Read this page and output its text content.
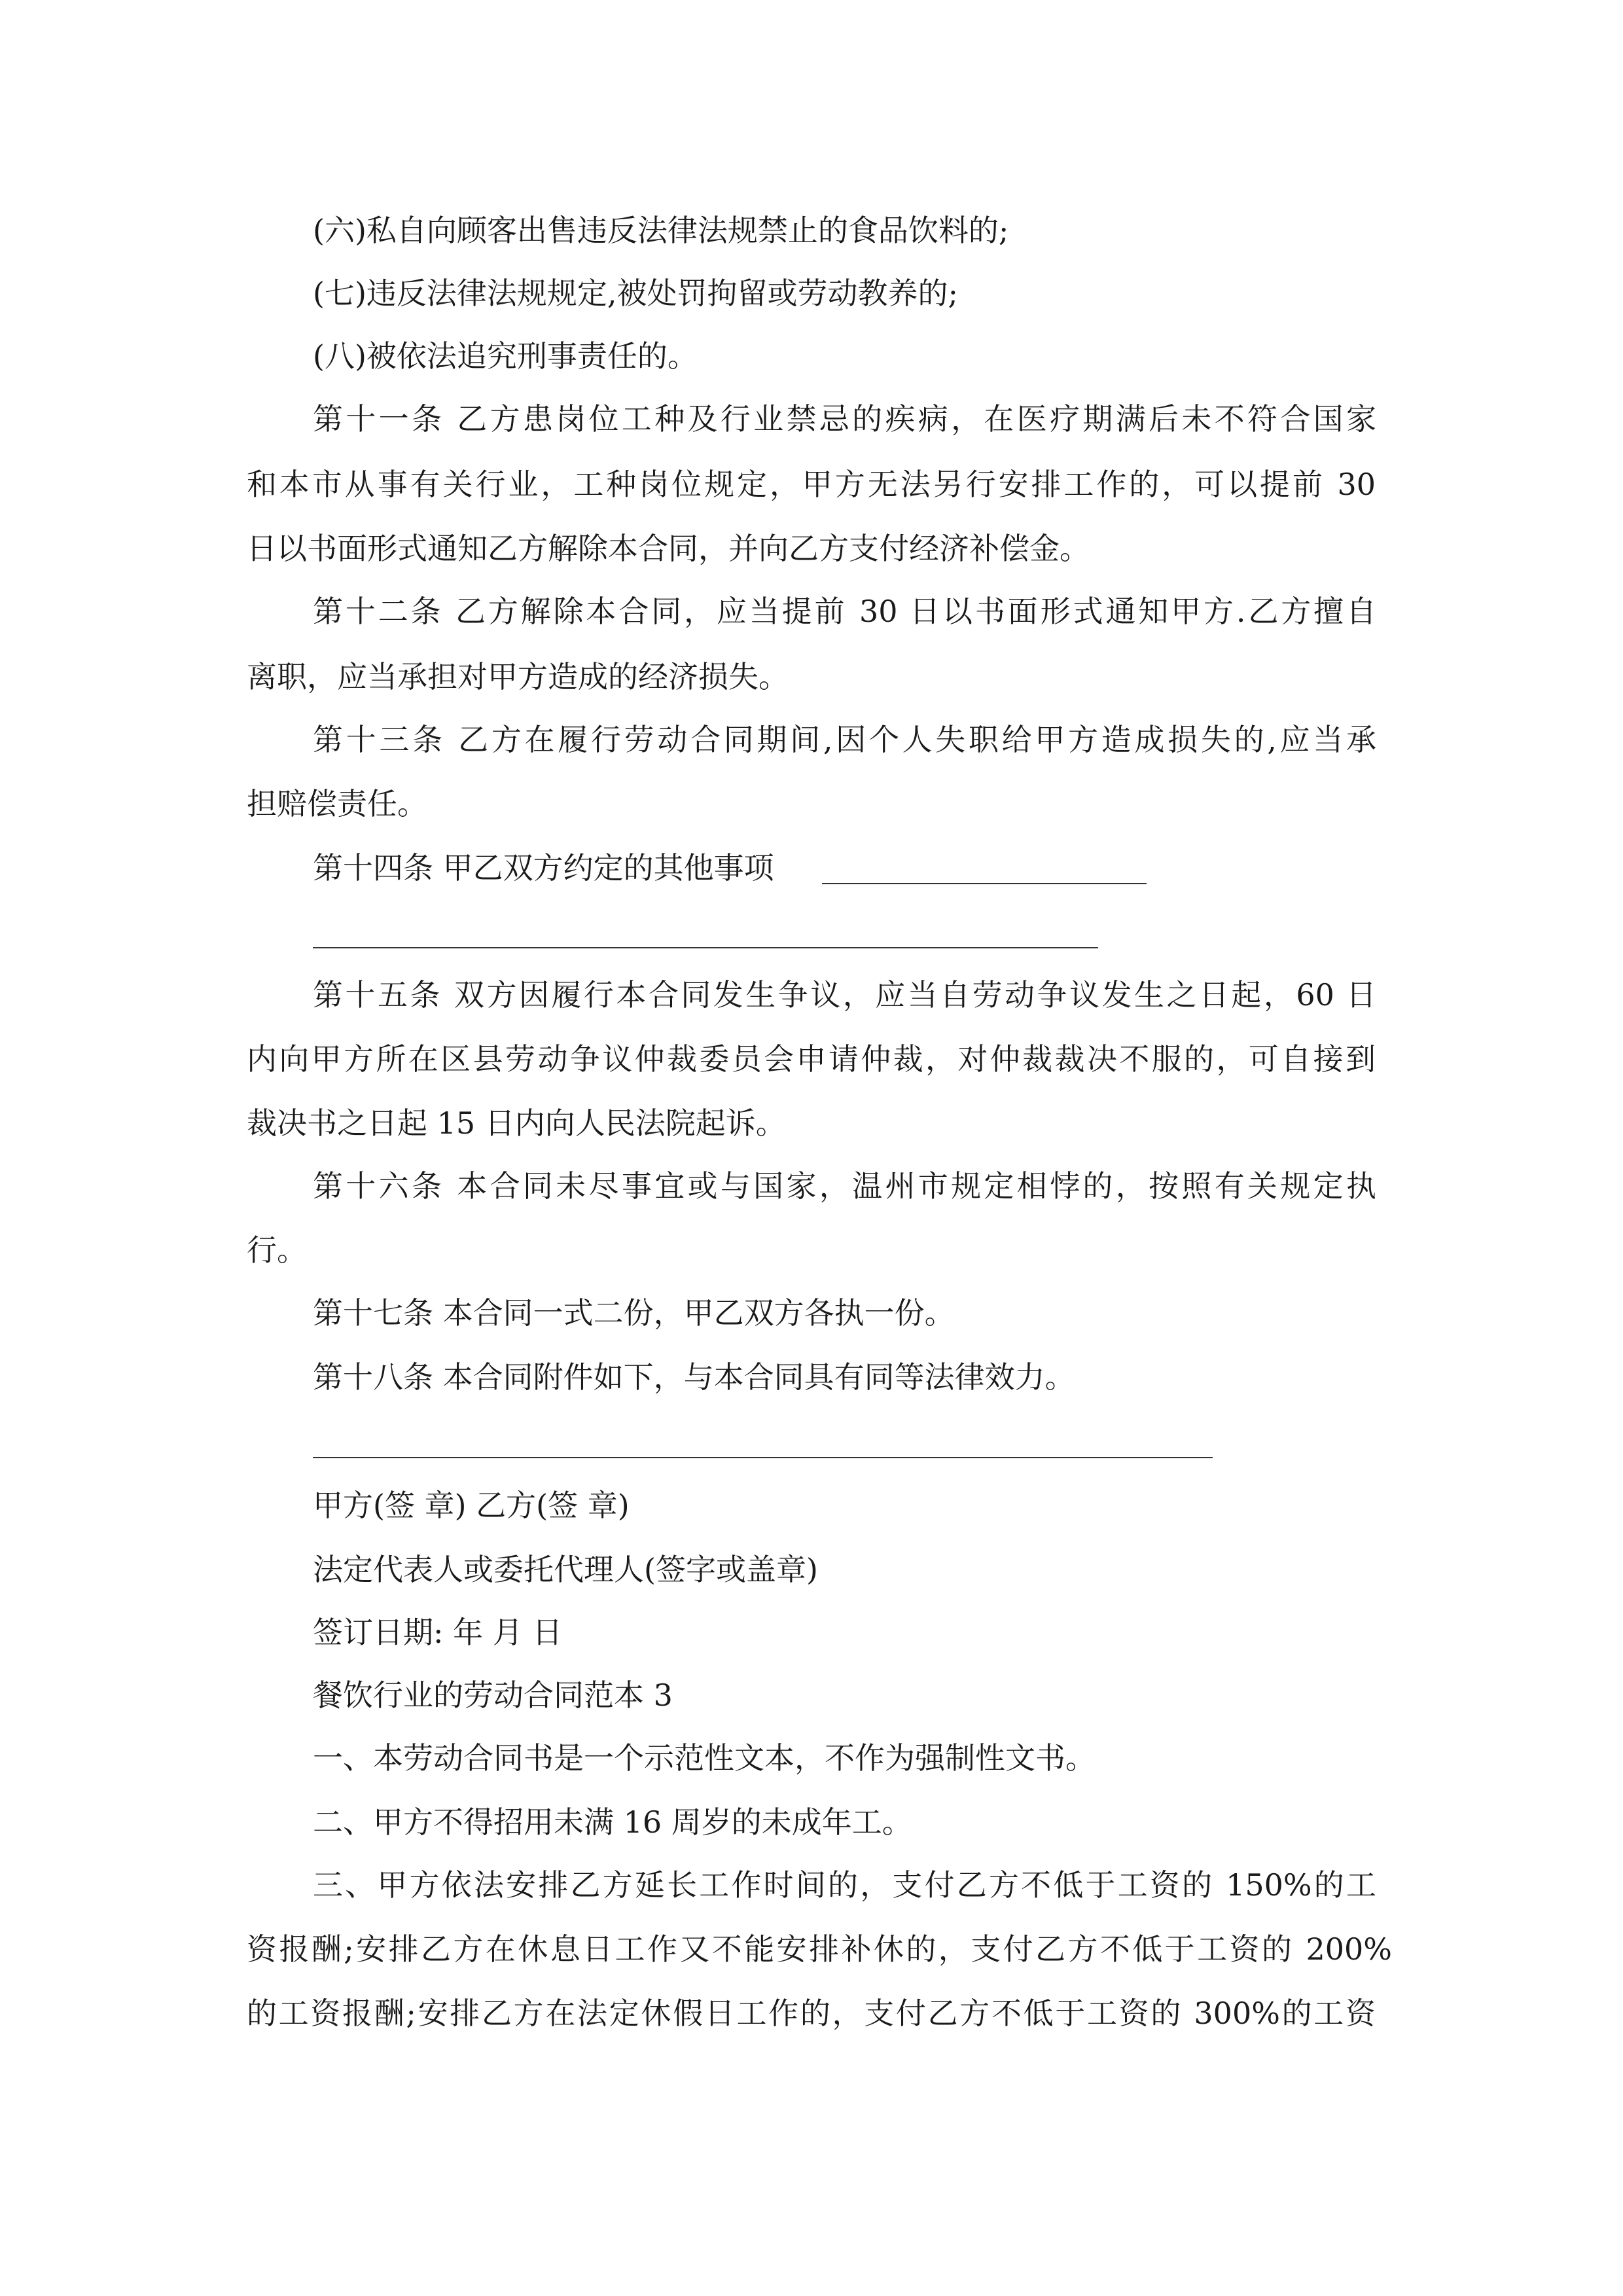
(六)私自向顾客出售违反法律法规禁止的食品饮料的;

(七)违反法律法规规定,被处罚拘留或劳动教养的;

(八)被依法追究刑事责任的。

第十一条 乙方患岗位工种及行业禁忌的疾病，在医疗期满后未不符合国家

和本市从事有关行业，工种岗位规定，甲方无法另行安排工作的，可以提前 30

日以书面形式通知乙方解除本合同，并向乙方支付经济补偿金。

第十二条 乙方解除本合同，应当提前 30 日以书面形式通知甲方.乙方擅自

离职，应当承担对甲方造成的经济损失。

第十三条 乙方在履行劳动合同期间,因个人失职给甲方造成损失的,应当承

担赔偿责任。

第十四条 甲乙双方约定的其他事项

第十五条 双方因履行本合同发生争议，应当自劳动争议发生之日起，60 日

内向甲方所在区县劳动争议仲裁委员会申请仲裁，对仲裁裁决不服的，可自接到

裁决书之日起 15 日内向人民法院起诉。

第十六条 本合同未尽事宜或与国家，温州市规定相悖的，按照有关规定执

行。

第十七条 本合同一式二份，甲乙双方各执一份。

第十八条 本合同附件如下，与本合同具有同等法律效力。

甲方(签 章) 乙方(签 章)

法定代表人或委托代理人(签字或盖章)

签订日期: 年 月 日

餐饮行业的劳动合同范本 3

一、本劳动合同书是一个示范性文本，不作为强制性文书。

二、甲方不得招用未满 16 周岁的未成年工。

三、甲方依法安排乙方延长工作时间的，支付乙方不低于工资的 150%的工

资报酬;安排乙方在休息日工作又不能安排补休的，支付乙方不低于工资的 200%

的工资报酬;安排乙方在法定休假日工作的，支付乙方不低于工资的 300%的工资
